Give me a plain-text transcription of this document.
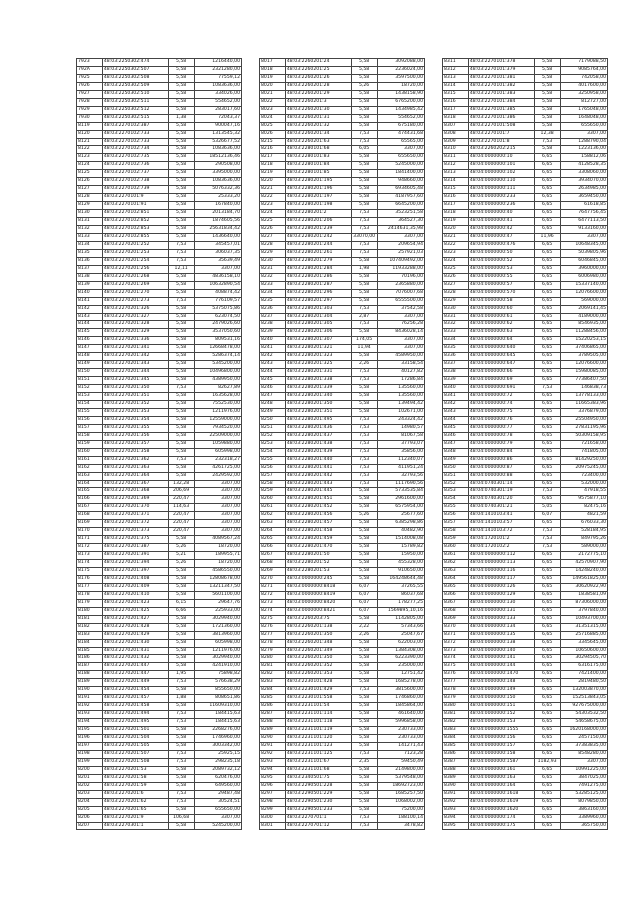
7923	48:03:2250302:474	5,58	1216440,00
792A	48:03:2250302:507	5,58	2321280,00
7925	48:03:2250302:508	5,58	77559,12
7926	48:03:2250302:509	5,58	1083636,00
7927	48:03:2250302:510	5,58	334026,00
7928	48:03:2250302:511	5,58	554652,00
7929	48:03:2250302:512	5,58	283017,60
7930	48:03:2250302:515	1,38	72043,37
8119	48:03:2270102:387	5,58	900047,16
8120	48:03:2270102:733	5,58	1313545,32
8121	48:03:2270102:733	5,58	5326677,52
8122	48:03:2270102:734	5,58	1083636,00
8123	48:03:2270102:735	5,58	18512136,46
8124	48:03:2270102:736	5,58	290508,00
8125	48:03:2270102:737	5,58	3395000,00
8126	48:03:2270102:738	5,58	1083636,00
8127	48:03:2270102:739	5,58	5076332,36
8128	48:03:2270101:9	5,58	25333,20
8129	48:03:2270101:91	5,58	167840,00
8130	48:03:2270102:851	5,58	2013184,70
8131	48:03:2270102:852	5,58	1874605,56
8132	48:03:2270102:853	5,58	25631834,42
8133	48:03:2270102:855	5,58	1436640,00
8134	48:03:2270201:252	7,53	345457,01
8135	48:03:2270201:253	7,53	306037,35
8136	48:03:2270201:254	7,53	35639,49
8137	48:03:2270201:256	12,11	3307,00
8138	48:03:2270201:268	5,58	4836158,10
8139	48:03:2270201:269	5,58	10632890,54
8140	48:03:2270201:270	5,58	408874,42
8141	48:03:2270201:273	7,53	776109,57
8142	48:03:2270201:326	5,58	5375075,86
8143	48:03:2270201:327	5,58	623074,50
8144	48:03:2270201:328	5,58	2479026,60
8145	48:03:2270201:329	5,58	3537050,60
8146	48:03:2270201:336	5,58	809531,16
8147	48:03:2270201:341	5,58	12668478,00
8148	48:03:2270201:342	5,58	5286374,14
8149	48:03:2270201:343	5,58	5345200,00
8150	48:03:2270201:344	5,58	10496800,00
8151	48:03:2270201:345	5,58	4389950,00
8152	48:03:2270201:350	7,53	82627,89
8153	48:03:2270201:351	5,58	1635628,00
8154	48:03:2270201:352	5,58	7552530,00
8155	48:03:2270201:353	5,58	1211976,00
8156	48:03:2270201:354	5,58	12559000,00
8157	48:03:2270201:355	5,58	7934520,00
8158	48:03:2270201:356	5,58	22509000,00
8159	48:03:2270201:357	5,58	1059880,00
8160	48:03:2270201:358	5,58	605998,00
8161	48:03:2270201:362	7,53	232318,27
8162	48:03:2270201:363	5,58	4261725,00
8163	48:03:2270201:364	5,58	2429592,00
8164	48:03:2270201:367	132,28	3307,00
8165	48:03:2270201:368	206,69	3307,00
8166	48:03:2270201:369	220,47	3307,00
8167	48:03:2270201:370	114,63	3307,00
8168	48:03:2270201:371	220,47	3307,00
8169	48:03:2270201:372	220,47	3307,00
8170	48:03:2270201:373	220,47	3307,00
8171	48:03:2270201:375	5,58	4089567,24
8172	48:03:2270201:387	5,26	18720,00
8173	48:03:2270201:391	5,21	189955,71
8174	48:03:2270201:394	5,26	18720,00
8175	48:03:2270201:397	5,58	4586550,00
8176	48:03:2270201:408	5,58	12808678,00
8177	48:03:2270201:409	5,58	13211347,50
8178	48:03:2270201:410	5,58	5601100,00
8179	48:03:2270201:423	6,15	29647,76
8180	48:03:2270201:425	6,66	225933,00
8181	48:03:2270201:427	5,58	3029940,00
8182	48:03:2270201:428	5,58	1721360,00
8183	48:03:2270201:429	5,58	3813960,00
8184	48:03:2270201:430	5,58	605998,00
8185	48:03:2270201:431	5,58	1211976,00
8186	48:03:2270201:432	5,58	3029940,00
8187	48:03:2270201:447	5,58	4241910,00
8188	48:03:2270201:447	1,95	75898,82
8189	48:03:2270201:449	7,53	576638,29
8190	48:03:2270201:454	5,58	855650,00
8191	48:03:2270201:457	1,88	808651,86
8192	48:03:2270201:458	5,58	11609310,00
8193	48:03:2270201:494	7,53	184415,63
8194	48:03:2270201:495	7,53	184415,63
8195	48:03:2270201:501	5,58	2268276,00
8196	48:03:2270201:504	5,58	1746960,00
8197	48:03:2270201:505	5,58	3003342,00
8198	48:03:2270201:507	7,53	25925,15
8199	48:03:2270201:508	7,53	298235,18
8200	48:03:2270201:53	5,58	2089732,12
8201	48:03:2270201:58	5,58	620476,00
8202	48:03:2270201:59	5,58	649560,00
8203	48:03:2270201:6	7,53	29487,48
8204	48:03:2270201:62	7,53	30524,51
8205	48:03:2270201:65	5,58	655650,00
8206	48:03:2270201:9	106,68	3307,00
8207	48:03:2270301:1	5,58	5245200,00
8017	48:03:2260201:24	5,58	3092088,00
8018	48:03:2260201:25	5,58	2236024,00
8019	48:03:2260201:26	5,58	3597500,00
8020	48:03:2260201:28	5,26	18720,00
8021	48:03:2260201:29	5,58	1438158,90
8022	48:03:2260201:3	5,58	6765200,00
8023	48:03:2260201:30	5,58	1434985,42
8024	48:03:2260201:31	5,58	554652,00
8025	48:03:2260201:32	5,58	675180,00
8026	48:03:2260201:34	7,53	474431,68
8215	48:03:2260201:63	7,53	65565,00
8216	48:03:2280101:68	6,05	3307,00
8217	48:03:2280101:83	5,58	655650,00
8218	48:03:2280101:84	5,58	5245000,00
8219	48:03:2280101:85	5,58	1841400,00
8220	48:03:2280201:195	5,58	948660,00
8221	48:03:2280201:196	5,58	6934605,48
8222	48:03:2280201:197	5,58	4187957,60
8223	48:03:2280201:198	5,58	6645200,00
8224	48:03:2280201:2	7,53	3523251,58
8225	48:03:2280201:206	7,53	364527,30
8226	48:03:2280201:239	7,53	2414631,35,98
8227	48:03:2280201:242	33070,00	3307,00
8228	48:03:2280201:244	7,53	209654,94
8229	48:03:2280201:261	7,53	257921,03
8230	48:03:2280201:279	5,58	107409492,00
8231	48:03:2280201:284	1,98	11933288,00
8232	48:03:2280201:286	5,58	70196,00
8233	48:03:2280201:287	5,58	2365880,00
8234	48:03:2280201:296	5,58	7076007,68
8235	48:03:2280201:297	5,58	6555500,00
8236	48:03:2280201:303	7,53	37542,58
8237	48:03:2280201:304	2,87	3307,00
8238	48:03:2280201:305	7,53	76256,28
8239	48:03:2280201:306	5,58	8436028,14
8240	48:03:2280201:307	174,05	3307,00
8241	48:03:2280201:321	11,94	3307,00
8242	48:03:2280201:323	5,58	4589950,00
8243	48:03:2280201:325	2,26	33158,54
8244	48:03:2280201:331	7,53	40127,82
8245	48:03:2280201:338	7,53	17286,84
8246	48:03:2280201:339	5,58	135560,00
8247	48:03:2280201:340	5,58	135560,00
8248	48:03:2280201:350	5,58	139494,42
8249	48:03:2280201:351	5,58	102671,00
8250	48:03:2280201:495	7,53	243324,42
8251	48:03:2280201:436	7,53	14980,57
8252	48:03:2280201:437	7,53	81067,58
8253	48:03:2280201:438	7,53	37793,07
8254	48:03:2280201:439	7,53	35856,00
8255	48:03:2280201:440	7,53	112340,07
8256	48:03:2280201:441	7,53	411951,24
8257	48:03:2280201:442	7,53	32793,56
8258	48:03:2280201:443	7,53	1117690,56
8259	48:03:2280201:445	5,58	5733535,84
8260	48:03:2280201:451	5,58	2961600,00
8261	48:03:2280201:452	5,58	6575954,00
8262	48:03:2280201:456	5,26	25677,60
8263	48:03:2280201:457	5,58	6385298,86
8264	48:03:2280201:458	5,58	40482,90
8265	48:03:2280201:459	5,58	1514008,08
8266	48:03:2280201:470	5,58	15789,82
8267	48:03:2280201:50	5,58	15950,00
8268	48:03:2280201:52	5,58	455328,00
8269	48:03:2280201:53	5,58	910650,00
8270	48:03:0000000:245	5,58	164248644,48
8271	48:03:0000000:8418	6,07	37265,55
8272	48:03:0000000:8419	6,07	86037,68
8273	48:03:0000000:8420	6,07	178277,25
8274	48:03:0000000:8421	6,07	1569895,10,16
8275	48:03:2260203:75	5,58	1142805,00
8276	48:03:2260201:138	2,22	57343,66
8277	48:03:2260201:350	2,26	25047,67
8278	48:03:2260201:348	5,58	622003,00
8279	48:03:2260201:349	5,58	1384308,00
8280	48:03:2260201:350	5,58	6223390,00
8281	48:03:2260201:352	5,58	235000,00
8282	48:03:2260201:353	5,58	12751,42
8283	48:03:2230101:428	5,58	1685278,00
8284	48:03:2230101:429	7,53	3815600,00
8285	48:03:2230101:558	5,58	1746860,00
8286	48:03:2231101:54	5,58	1845864,00
8287	48:03:2231101:114	5,58	461640,00
8288	48:03:2231101:118	5,58	5996858,00
8289	48:03:2231101:119	5,58	230733,00
8290	48:03:2231101:120	5,58	230733,00
8291	48:03:2231101:123	5,58	141271,43
8292	48:03:2231101:125	7,53	7123,28
8293	48:03:2231101:67	2,35	59450,49
8294	48:03:2231101:68	5,58	2149800,00
8295	48:03:2340501:75	5,58	5379548,00
8296	48:03:2290501:228	5,58	18692723,00
8297	48:03:2290501:229	5,58	1685257,50
8298	48:03:2290501:230	5,58	1068002,00
8299	48:03:2290501:233	5,58	75200,00
8300	48:03:2270701:1	7,53	188100,14
8301	48:03:2270701:12	7,53	3478,82
8311	48:03:2270101:378	5,58	7179088,50
8312	48:03:2270101:379	5,58	9085764,00
8313	48:03:2270101:381	5,58	742058,00
8314	48:03:2270101:382	5,58	4017600,00
8315	48:03:2270101:383	5,58	3250958,00
8316	48:03:2270101:384	5,58	812727,00
8317	48:03:2270101:385	5,58	1765048,00
8318	48:03:2270101:386	5,58	1648048,00
8307	48:03:2270101:508	5,58	655650,00
8308	48:03:2270101:7	12,38	3307,00
8309	48:03:2270101:8	7,53	1288790,04
8310	48:03:2260202:215	5,58	1223136,00
8311	48:04:0000000:10	6,65	158812,06
8312	48:04:0000000:101	6,65	4128528,35
8313	48:04:0000000:102	6,65	3308060,00
8314	48:04:0000000:110	6,65	3934070,00
8315	48:04:0000000:111	6,65	2634985,00
8316	48:04:0000000:233	6,65	3659450,00
8317	48:04:0000000:236	6,65	61618,85
8318	48:04:0000000:40	6,65	7647756,45
8319	48:04:0000000:41	6,65	6477113,50
8320	48:04:0000000:42	6,65	9133160,00
8321	48:04:0000000:47	11,96	3307,00
8322	48:04:0000000:476	6,65	10648345,00
8323	48:04:0000000:50	6,65	5039805,96
8324	48:04:0000000:52	6,65	6046845,00
8325	48:04:0000000:53	6,65	3960000,00
8326	48:04:0000000:55	6,65	6006980,00
8327	48:04:0000000:57	6,65	15337140,00
8328	48:04:0000000:570	6,65	12076600,00
8329	48:04:0000000:58	6,65	569000,00
8330	48:04:0000000:60	6,65	2069141,45
8331	48:04:0000000:61	6,65	4189000,00
8332	48:04:0000000:62	6,65	8546935,00
8333	48:04:0000000:63	6,65	11288456,00
8334	48:04:0000000:64	6,65	15220253,15
8335	48:04:0000000:640	6,65	37406865,00
8336	48:04:0000000:645	6,65	3789505,00
8337	48:04:0000000:647	6,65	12076600,00
8338	48:04:0000000:66	6,65	15980085,00
8339	48:04:0000000:69	6,65	77386407,50
8340	48:04:0000000:691	7,53	146838,73
8341	48:04:0000000:72	6,65	13778133,00
8342	48:04:0000000:74	6,65	11665383,96
8343	48:04:0000000:75	6,65	3376879,00
8344	48:04:0000000:76	6,65	25504950,00
8345	48:04:0000000:77	6,65	27831195,96
8346	48:04:0000000:78	6,65	50309158,95
8347	48:04:0000000:79	6,65	721658,00
8348	48:04:0000000:84	6,65	741805,00
8349	48:04:0000000:86	6,65	81429250,00
8350	48:04:0000000:87	6,65	20975245,00
8351	48:04:0000000:88	6,65	723400,00
8352	48:04:0740301:14	6,65	532000,00
8353	48:04:0740301:19	7,53	47918,55
8354	48:04:0740301:20	6,65	9575877,10
8355	48:04:0740301:21	5,05	82475,16
8356	48:04:1410103:41	6,07	4821,59
8357	48:04:1410103:57	6,65	676033,30
8358	48:04:1410103:72	7,53	528184,95
8359	48:04:1720101:2	7,53	849795,26
8360	48:04:1720102:2	7,53	589000,00
8361	48:04:0000000:112	6,65	2172775,10
8362	48:04:0000000:113	6,65	42570907,90
8363	48:04:0000000:116	6,65	14248240,00
8364	48:04:0000000:117	6,65	149561825,00
8365	48:04:0000000:126	6,65	30620922,90
8366	48:04:0000000:129	6,65	1838581,09
8367	48:04:0000000:130	6,65	87306000,00
8368	48:04:0000000:131	6,65	3797840,00
8369	48:04:0000000:133	6,65	10493700,00
8370	48:04:0000000:134	6,65	31351315,00
8371	48:04:0000000:135	6,65	25716885,00
8372	48:04:0000000:138	6,65	3345645,00
8373	48:04:0000000:140	6,65	10650600,00
8374	48:04:0000000:141	6,65	30294505,70
8375	48:04:0000000:144	6,65	6316175,00
8376	48:04:0000000:1470	6,65	7421400,00
8377	48:04:0000000:148	6,65	2819480,50
8378	48:04:0000000:149	6,65	132003870,00
8379	48:04:0000000:150	6,65	152513843,05
8380	48:04:0000000:151	6,65	927675000,00
8381	48:04:0000000:152	6,65	54303532,50
8382	48:04:0000000:153	6,65	54658675,00
8383	48:04:0000000:1555	6,65	1620168000,00
8384	48:04:0000000:156	6,65	2457150,00
8385	48:04:0000000:157	6,65	37383835,00
8386	48:04:0000000:158	6,65	8548280,00
8387	48:04:0000000:1587	1182,93	3307,00
8388	48:04:0000000:161	6,65	10991225,00
8389	48:04:0000000:163	6,65	3847025,00
8390	48:04:0000000:164	6,65	7491275,00
8391	48:04:0000000:1618	6,65	53285125,00
8392	48:04:0000000:1619	6,65	8079850,00
8393	48:04:0000000:1620	6,65	3863160,00
8394	48:04:0000000:174	6,65	3389960,00
8395	48:04:0000000:175	6,65	365750,00
